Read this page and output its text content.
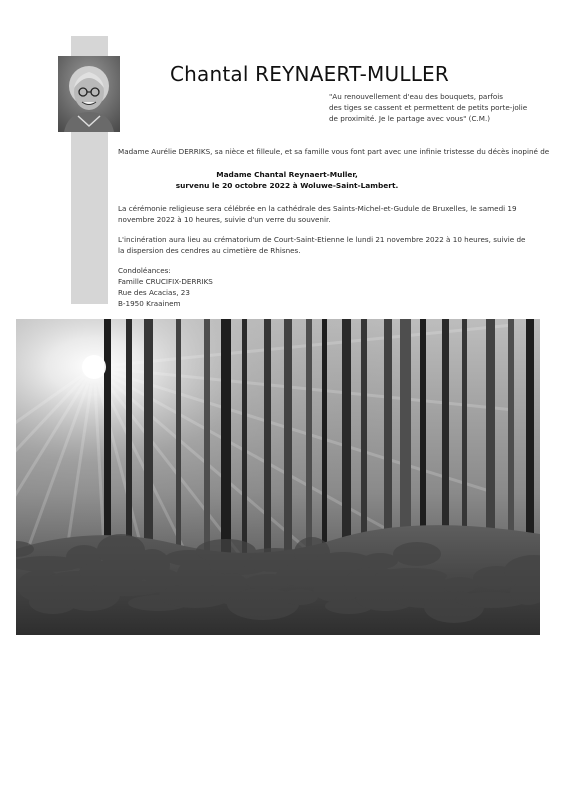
Chantal REYNAERT-MULLER
"Au renouvellement d'eau des bouquets, parfois
des tiges se cassent et permettent de petits porte-jolie
de proximité. Je le partage avec vous" (C.M.)
Madame Aurélie DERRIKS, sa nièce et filleule, et sa famille vous font part avec une infinie tristesse du décès inopiné de
Madame Chantal Reynaert-Muller,
survenu le 20 octobre 2022 à Woluwe-Saint-Lambert.
La cérémonie religieuse sera célébrée en la cathédrale des Saints-Michel-et-Gudule de Bruxelles, le samedi 19
novembre 2022 à 10 heures, suivie d'un verre du souvenir.
L'incinération aura lieu au crématorium de Court-Saint-Etienne le lundi 21 novembre 2022 à 10 heures, suivie de
la dispersion des cendres au cimetière de Rhisnes.
Condoléances:
Famille CRUCIFIX-DERRIKS
Rue des Acacias, 23
B-1950 Kraainem
